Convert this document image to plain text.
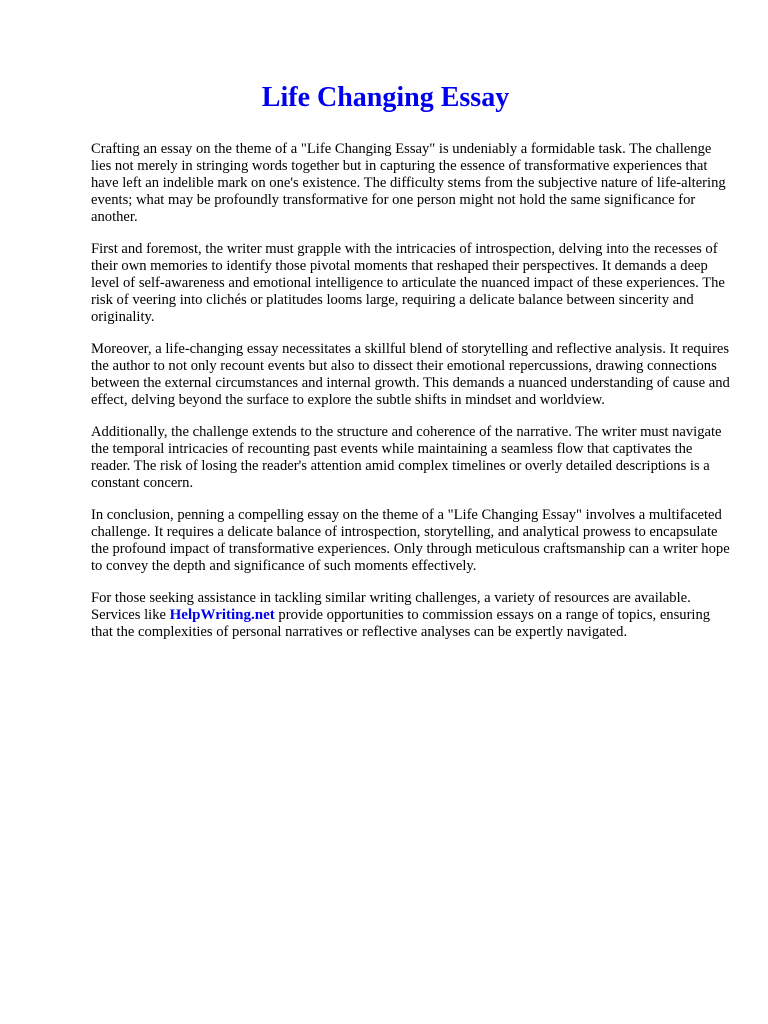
Life Changing Essay

Crafting an essay on the theme of a "Life Changing Essay" is undeniably a formidable task. The challenge lies not merely in stringing words together but in capturing the essence of transformative experiences that have left an indelible mark on one's existence. The difficulty stems from the subjective nature of life-altering events; what may be profoundly transformative for one person might not hold the same significance for another.

First and foremost, the writer must grapple with the intricacies of introspection, delving into the recesses of their own memories to identify those pivotal moments that reshaped their perspectives. It demands a deep level of self-awareness and emotional intelligence to articulate the nuanced impact of these experiences. The risk of veering into clichés or platitudes looms large, requiring a delicate balance between sincerity and originality.

Moreover, a life-changing essay necessitates a skillful blend of storytelling and reflective analysis. It requires the author to not only recount events but also to dissect their emotional repercussions, drawing connections between the external circumstances and internal growth. This demands a nuanced understanding of cause and effect, delving beyond the surface to explore the subtle shifts in mindset and worldview.

Additionally, the challenge extends to the structure and coherence of the narrative. The writer must navigate the temporal intricacies of recounting past events while maintaining a seamless flow that captivates the reader. The risk of losing the reader's attention amid complex timelines or overly detailed descriptions is a constant concern.

In conclusion, penning a compelling essay on the theme of a "Life Changing Essay" involves a multifaceted challenge. It requires a delicate balance of introspection, storytelling, and analytical prowess to encapsulate the profound impact of transformative experiences. Only through meticulous craftsmanship can a writer hope to convey the depth and significance of such moments effectively.

For those seeking assistance in tackling similar writing challenges, a variety of resources are available. Services like HelpWriting.net provide opportunities to commission essays on a range of topics, ensuring that the complexities of personal narratives or reflective analyses can be expertly navigated.
